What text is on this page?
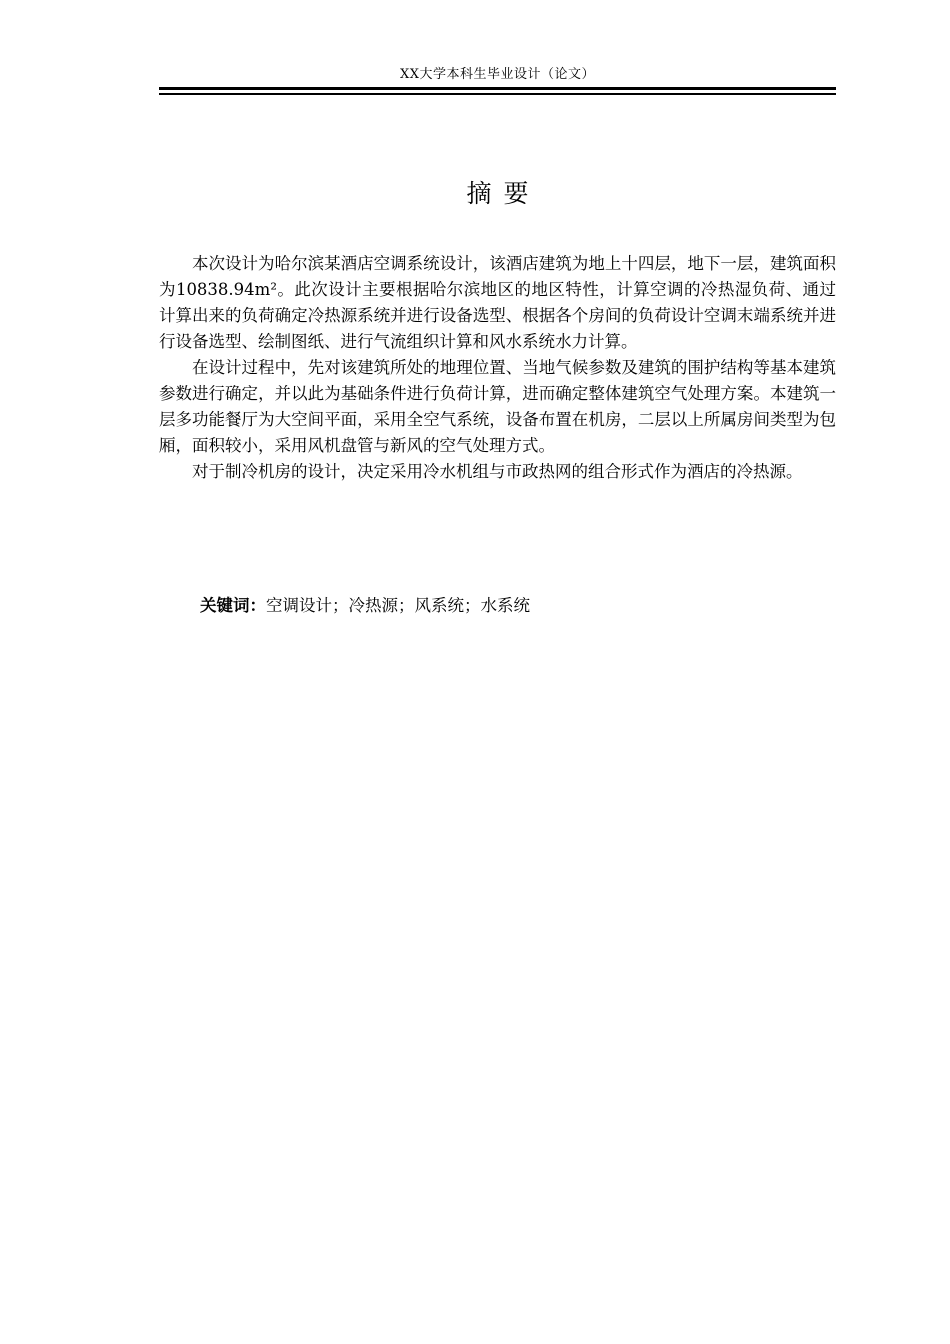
XX大学本科生毕业设计（论文）
摘要

本次设计为哈尔滨某酒店空调系统设计，该酒店建筑为地上十四层，地下一层，建筑面积为10838.94m²。此次设计主要根据哈尔滨地区的地区特性，计算空调的冷热湿负荷、通过计算出来的负荷确定冷热源系统并进行设备选型、根据各个房间的负荷设计空调末端系统并进行设备选型、绘制图纸、进行气流组织计算和风水系统水力计算。

在设计过程中，先对该建筑所处的地理位置、当地气候参数及建筑的围护结构等基本建筑参数进行确定，并以此为基础条件进行负荷计算，进而确定整体建筑空气处理方案。本建筑一层多功能餐厅为大空间平面，采用全空气系统，设备布置在机房，二层以上所属房间类型为包厢，面积较小，采用风机盘管与新风的空气处理方式。

对于制冷机房的设计，决定采用冷水机组与市政热网的组合形式作为酒店的冷热源。

关键词：空调设计；冷热源；风系统；水系统
